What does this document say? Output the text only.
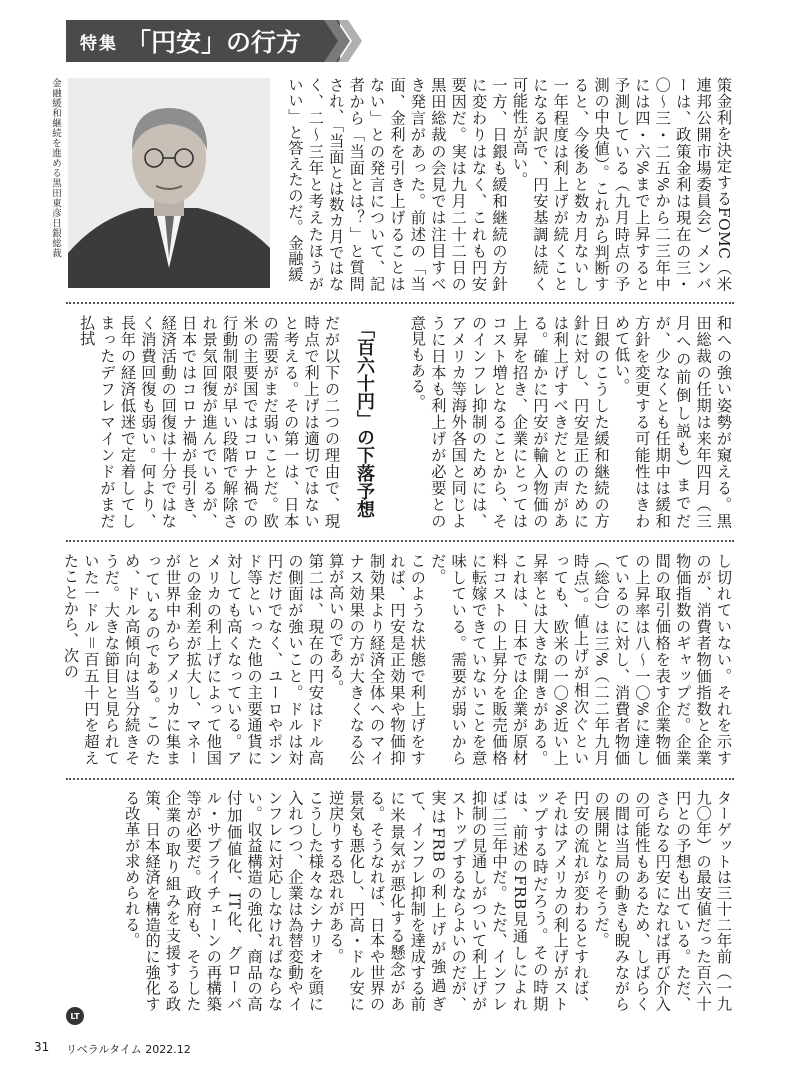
特集 「円安」の行方
金融緩和継続を進める黒田東彦日銀総裁	策金利を決定するFOMC（米連邦公開市場委員会）メンバーは、政策金利は現在の三・〇〜三・二五%から二三年中には四・六%まで上昇すると予測している（九月時点の予測の中央値）。これから判断すると、今後あと数カ月ないし一年程度は利上げが続くことになる訳で、円安基調は続く可能性が高い。

一方、日銀も緩和継続の方針に変わりはなく、これも円安要因だ。実は九月二十二日の黒田総裁の会見では注目すべき発言があった。前述の「当面、金利を引き上げることはない」との発言について、記者から「当面とは？」と質問され、「当面とは数カ月ではなく、二〜三年と考えたほうがいい」と答えたのだ。金融緩

和への強い姿勢が窺える。黒田総裁の任期は来年四月（三月への前倒し説も）までだが、少なくとも任期中は緩和方針を変更する可能性はきわめて低い。

日銀のこうした緩和継続の方針に対し、円安是正のためには利上げすべきだとの声がある。確かに円安が輸入物価の上昇を招き、企業にとってはコスト増となることから、そのインフレ抑制のためには、アメリカ等海外各国と同じように日本も利上げが必要との意見もある。

「百六十円」の下落予想

だが以下の二つの理由で、現時点で利上げは適切ではないと考える。その第一は、日本の需要がまだ弱いことだ。欧米の主要国ではコロナ禍での行動制限が早い段階で解除され景気回復が進んでいるが、日本ではコロナ禍が長引き、経済活動の回復は十分ではなく消費回復も弱い。何より、長年の経済低迷で定着してしまったデフレマインドがまだ払拭

し切れていない。それを示すのが、消費者物価指数と企業物価指数のギャップだ。企業間の取引価格を表す企業物価の上昇率は八〜一〇%に達しているのに対し、消費者物価（総合）は三%（二二年九月時点）。値上げが相次ぐといっても、欧米の一〇%近い上昇率とは大きな開きがある。これは、日本では企業が原材料コストの上昇分を販売価格に転嫁できていないことを意味している。需要が弱いからだ。

このような状態で利上げをすれば、円安是正効果や物価抑制効果より経済全体へのマイナス効果の方が大きくなる公算が高いのである。

第二は、現在の円安はドル高の側面が強いこと。ドルは対円だけでなく、ユーロやポンド等といった他の主要通貨に対しても高くなっている。アメリカの利上げによって他国との金利差が拡大し、マネーが世界中からアメリカに集まっているのである。このため、ドル高傾向は当分続きそうだ。大きな節目と見られていた一ドル＝百五十円を超えたことから、次の

ターゲットは三十二年前（一九九〇年）の最安値だった百六十円との予想も出ている。ただ、さらなる円安になれば再び介入の可能性もあるため、しばらくの間は当局の動きも睨みながらの展開となりそうだ。

円安の流れが変わるとすれば、それはアメリカの利上げがストップする時だろう。その時期は、前述のFRB見通しによれば二三年中だ。ただ、インフレ抑制の見通しがついて利上げがストップするならよいのだが、実はFRBの利上げが強過ぎて、インフレ抑制を達成する前に米景気が悪化する懸念がある。そうなれば、日本や世界の景気も悪化し、円高・ドル安に逆戻りする恐れがある。

こうした様々なシナリオを頭に入れつつ、企業は為替変動やインフレに対応しなければならない。収益構造の強化、商品の高付加価値化、IT化、グローバル・サプライチェーンの再構築等が必要だ。政府も、そうした企業の取り組みを支援する政策、日本経済を構造的に強化する改革が求められる。

LT
31 リベラルタイム 2022.12
